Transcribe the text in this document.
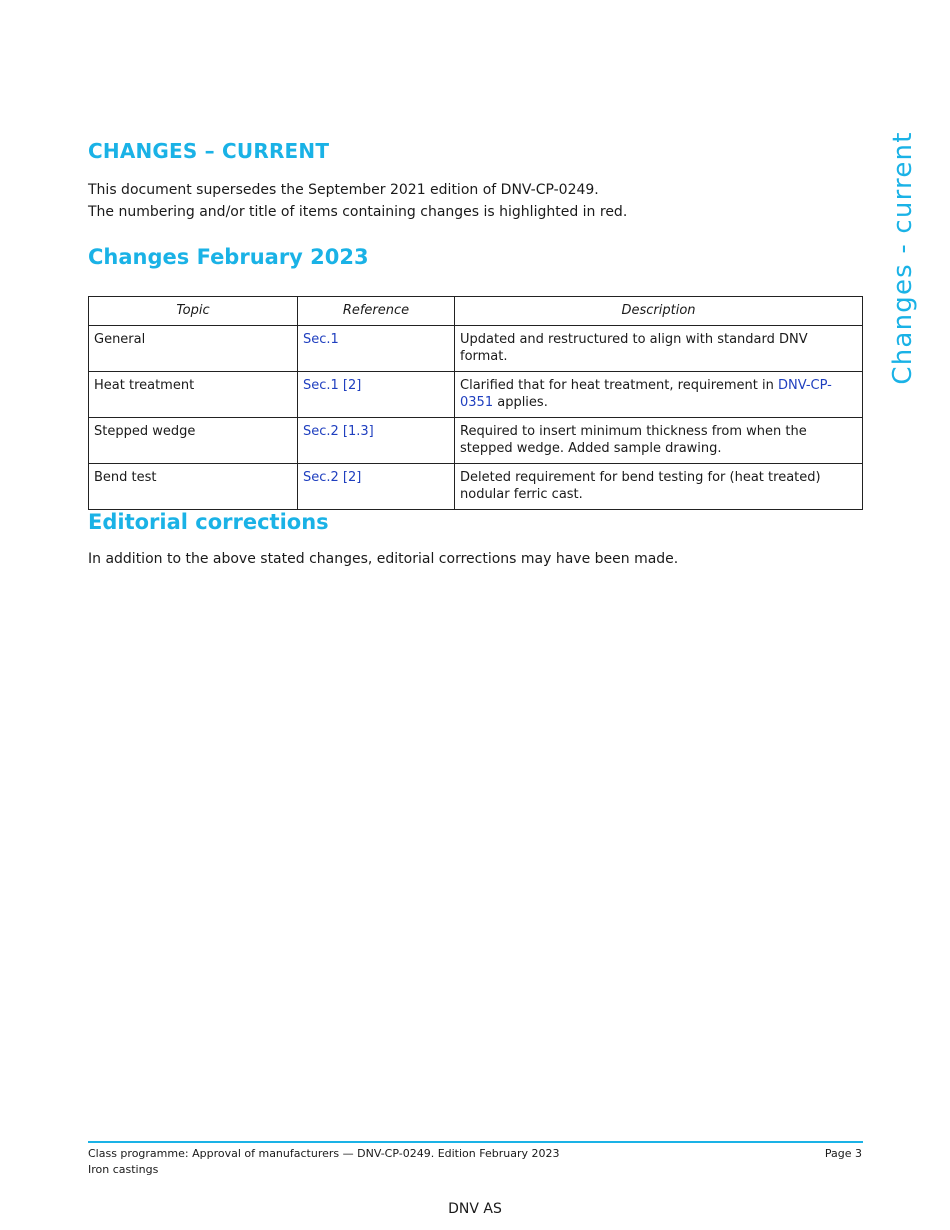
CHANGES – CURRENT

This document supersedes the September 2021 edition of DNV-CP-0249.

The numbering and/or title of items containing changes is highlighted in red.

Changes February 2023
Topic	Reference	Description
General	Sec.1	Updated and restructured to align with standard DNV format.
Heat treatment	Sec.1 [2]	Clarified that for heat treatment, requirement in DNV-CP-0351 applies.
Stepped wedge	Sec.2 [1.3]	Required to insert minimum thickness from when the stepped wedge. Added sample drawing.
Bend test	Sec.2 [2]	Deleted requirement for bend testing for (heat treated) nodular ferric cast.
Editorial corrections

In addition to the above stated changes, editorial corrections may have been made.

Changes - current
Class programme: Approval of manufacturers — DNV-CP-0249. Edition February 2023
Iron castings
Page 3
DNV AS
